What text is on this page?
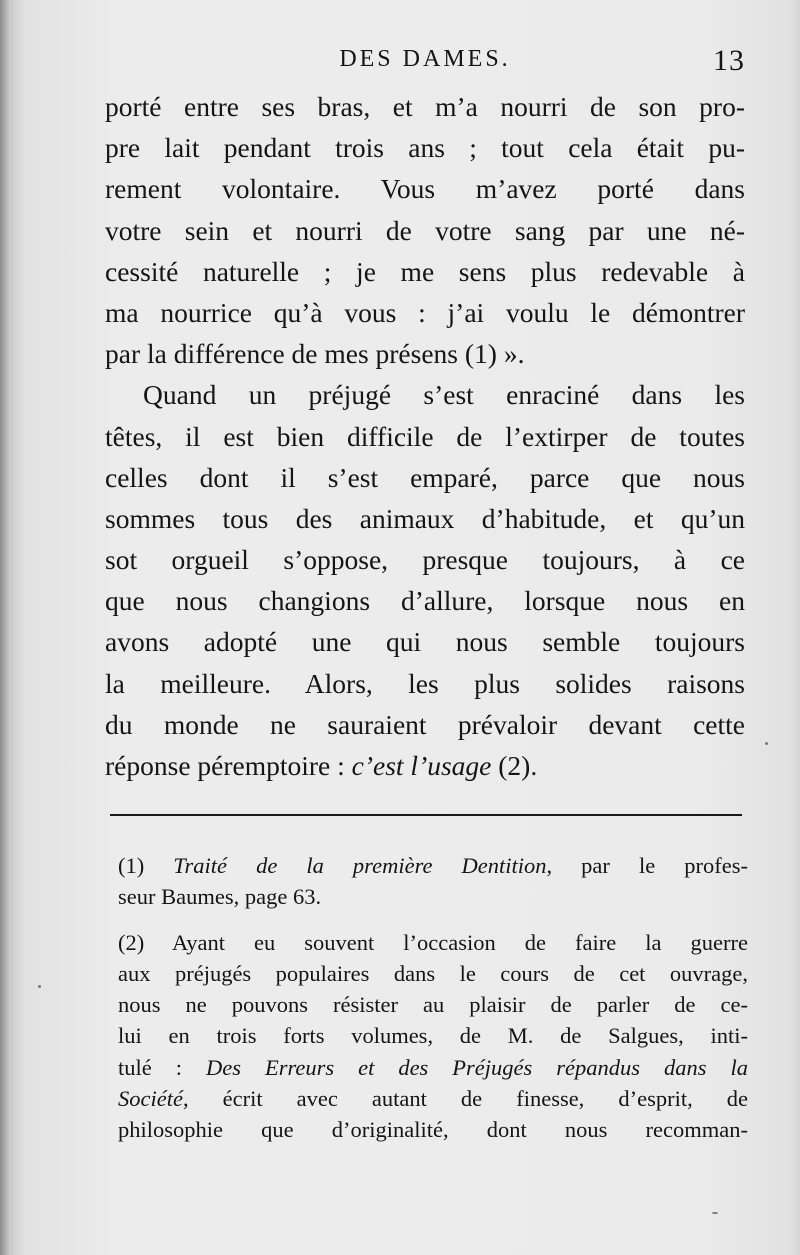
DES DAMES.	13
porté entre ses bras, et m’a nourri de son pro-
pre lait pendant trois ans ; tout cela était pu-
rement volontaire. Vous m’avez porté dans
votre sein et nourri de votre sang par une né-
cessité naturelle ; je me sens plus redevable à
ma nourrice qu’à vous : j’ai voulu le démontrer
par la différence de mes présens (1) ».
Quand un préjugé s’est enraciné dans les
têtes, il est bien difficile de l’extirper de toutes
celles dont il s’est emparé, parce que nous
sommes tous des animaux d’habitude, et qu’un
sot orgueil s’oppose, presque toujours, à ce
que nous changions d’allure, lorsque nous en
avons adopté une qui nous semble toujours
la meilleure. Alors, les plus solides raisons
du monde ne sauraient prévaloir devant cette
réponse péremptoire : c’est l’usage (2).
(1) Traité de la première Dentition, par le profes-
seur Baumes, page 63.
(2) Ayant eu souvent l’occasion de faire la guerre
aux préjugés populaires dans le cours de cet ouvrage,
nous ne pouvons résister au plaisir de parler de ce-
lui en trois forts volumes, de M. de Salgues, inti-
tulé : Des Erreurs et des Préjugés répandus dans la
Société, écrit avec autant de finesse, d’esprit, de
philosophie que d’originalité, dont nous recomman-
